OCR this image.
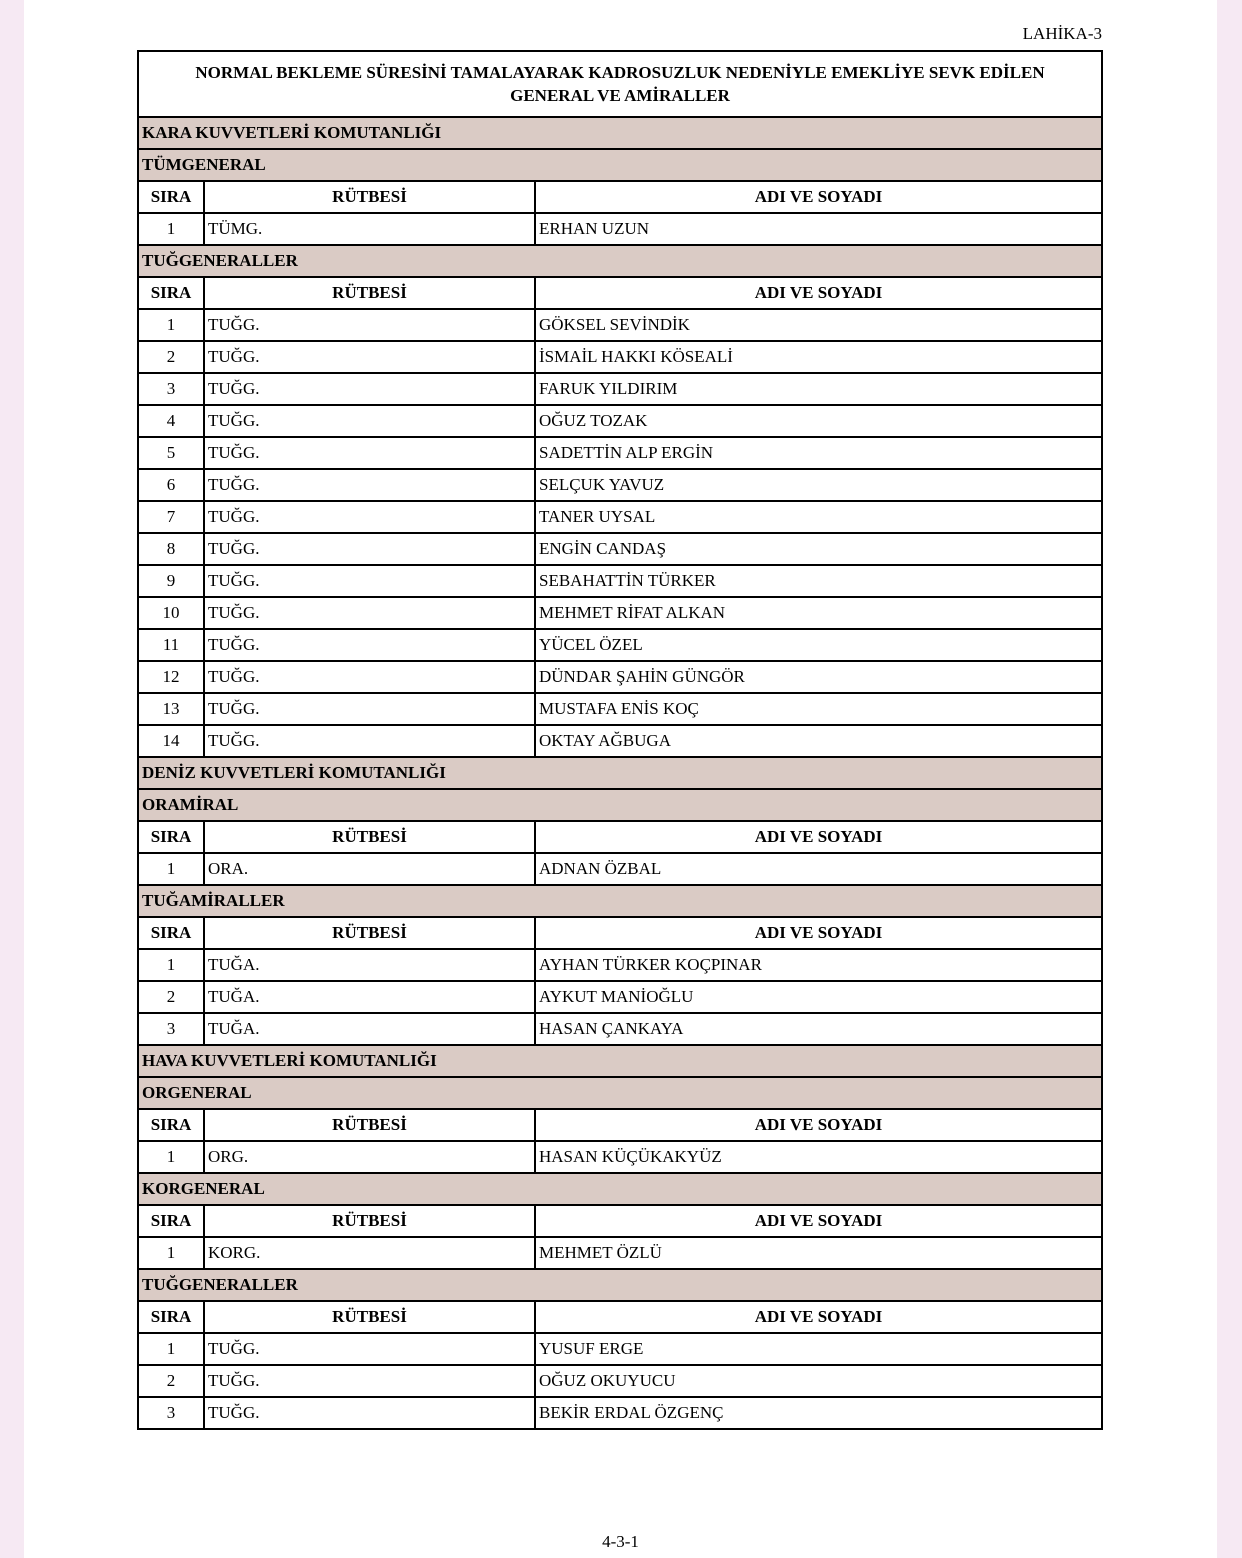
LAHİKA-3
NORMAL BEKLEME SÜRESİNİ TAMALAYARAK KADROSUZLUK NEDENİYLE EMEKLİYE SEVK EDİLEN
GENERAL VE AMİRALLER		

KARA KUVVETLERİ KOMUTANLIĞI		
TÜMGENERAL		
SIRA	RÜTBESİ	ADI VE SOYADI
1	TÜMG.	ERHAN UZUN
TUĞGENERALLER		
SIRA	RÜTBESİ	ADI VE SOYADI
1	TUĞG.	GÖKSEL SEVİNDİK
2	TUĞG.	İSMAİL HAKKI KÖSEALİ
3	TUĞG.	FARUK YILDIRIM
4	TUĞG.	OĞUZ TOZAK
5	TUĞG.	SADETTİN ALP ERGİN
6	TUĞG.	SELÇUK YAVUZ
7	TUĞG.	TANER UYSAL
8	TUĞG.	ENGİN CANDAŞ
9	TUĞG.	SEBAHATTİN TÜRKER
10	TUĞG.	MEHMET RİFAT ALKAN
11	TUĞG.	YÜCEL ÖZEL
12	TUĞG.	DÜNDAR ŞAHİN GÜNGÖR
13	TUĞG.	MUSTAFA ENİS KOÇ
14	TUĞG.	OKTAY AĞBUGA
DENİZ KUVVETLERİ KOMUTANLIĞI		
ORAMİRAL		
SIRA	RÜTBESİ	ADI VE SOYADI
1	ORA.	ADNAN ÖZBAL
TUĞAMİRALLER		
SIRA	RÜTBESİ	ADI VE SOYADI
1	TUĞA.	AYHAN TÜRKER KOÇPINAR
2	TUĞA.	AYKUT MANİOĞLU
3	TUĞA.	HASAN ÇANKAYA
HAVA KUVVETLERİ KOMUTANLIĞI		
ORGENERAL		
SIRA	RÜTBESİ	ADI VE SOYADI
1	ORG.	HASAN KÜÇÜKAKYÜZ
KORGENERAL		
SIRA	RÜTBESİ	ADI VE SOYADI
1	KORG.	MEHMET ÖZLÜ
TUĞGENERALLER		
SIRA	RÜTBESİ	ADI VE SOYADI
1	TUĞG.	YUSUF ERGE
2	TUĞG.	OĞUZ OKUYUCU
3	TUĞG.	BEKİR ERDAL ÖZGENÇ
4-3-1
